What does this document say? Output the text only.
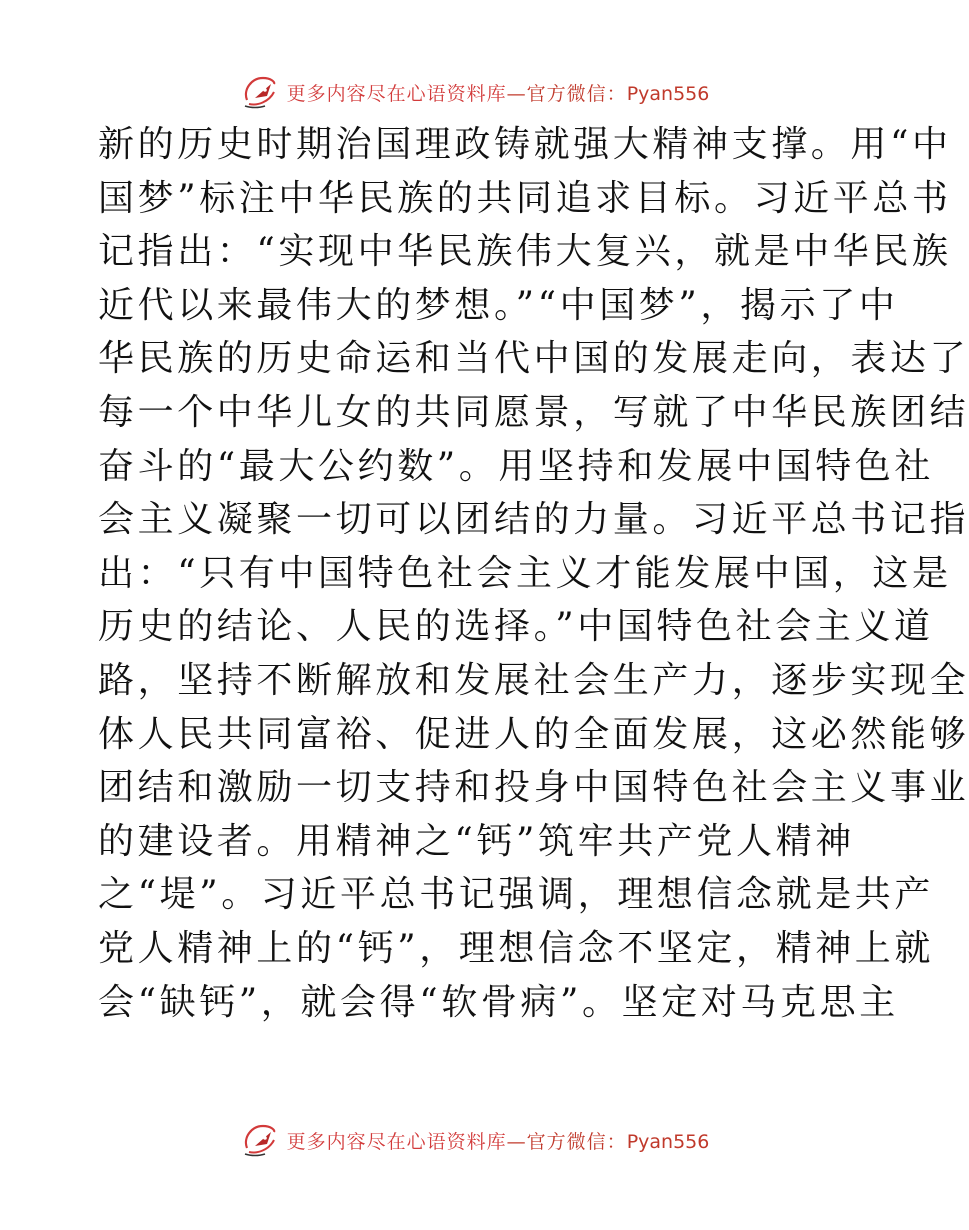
更多内容尽在心语资料库—官方微信：Pyan556
新的历史时期治国理政铸就强大精神支撑。用“中
国梦”标注中华民族的共同追求目标。习近平总书
记指出：“实现中华民族伟大复兴，就是中华民族
近代以来最伟大的梦想。”“中国梦”，揭示了中
华民族的历史命运和当代中国的发展走向，表达了
每一个中华儿女的共同愿景，写就了中华民族团结
奋斗的“最大公约数”。用坚持和发展中国特色社
会主义凝聚一切可以团结的力量。习近平总书记指
出：“只有中国特色社会主义才能发展中国，这是
历史的结论、人民的选择。”中国特色社会主义道
路，坚持不断解放和发展社会生产力，逐步实现全
体人民共同富裕、促进人的全面发展，这必然能够
团结和激励一切支持和投身中国特色社会主义事业
的建设者。用精神之“钙”筑牢共产党人精神
之“堤”。习近平总书记强调，理想信念就是共产
党人精神上的“钙”，理想信念不坚定，精神上就
会“缺钙”，就会得“软骨病”。坚定对马克思主
更多内容尽在心语资料库—官方微信：Pyan556
